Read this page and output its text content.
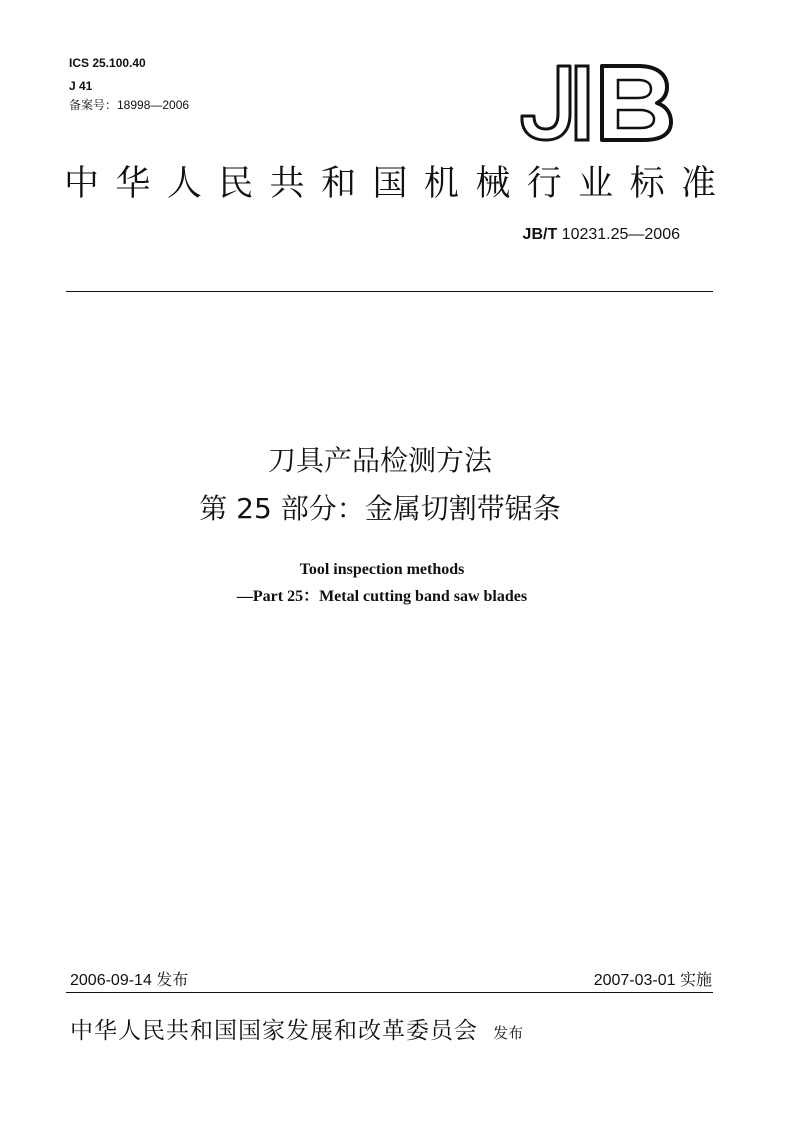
ICS 25.100.40
J 41
备案号：18998—2006
中华人民共和国机械行业标准
JB/T 10231.25—2006
刀具产品检测方法
第 25 部分：金属切割带锯条
Tool inspection methods
—Part 25：Metal cutting band saw blades
2006-09-14 发布	2007-03-01 实施
中华人民共和国国家发展和改革委员会 发布
